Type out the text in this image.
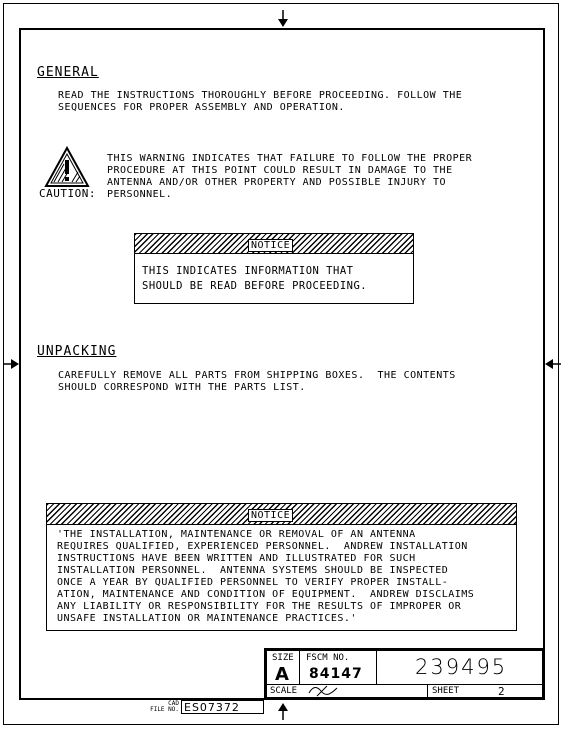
GENERAL
READ THE INSTRUCTIONS THOROUGHLY BEFORE PROCEEDING. FOLLOW THE
SEQUENCES FOR PROPER ASSEMBLY AND OPERATION.
CAUTION:
THIS WARNING INDICATES THAT FAILURE TO FOLLOW THE PROPER
PROCEDURE AT THIS POINT COULD RESULT IN DAMAGE TO THE
ANTENNA AND/OR OTHER PROPERTY AND POSSIBLE INJURY TO
PERSONNEL.
NOTICE
THIS INDICATES INFORMATION THAT
SHOULD BE READ BEFORE PROCEEDING.
UNPACKING
CAREFULLY REMOVE ALL PARTS FROM SHIPPING BOXES.  THE CONTENTS
SHOULD CORRESPOND WITH THE PARTS LIST.
NOTICE
'THE INSTALLATION, MAINTENANCE OR REMOVAL OF AN ANTENNA
REQUIRES QUALIFIED, EXPERIENCED PERSONNEL.  ANDREW INSTALLATION
INSTRUCTIONS HAVE BEEN WRITTEN AND ILLUSTRATED FOR SUCH
INSTALLATION PERSONNEL.  ANTENNA SYSTEMS SHOULD BE INSPECTED
ONCE A YEAR BY QUALIFIED PERSONNEL TO VERIFY PROPER INSTALL-
ATION, MAINTENANCE AND CONDITION OF EQUIPMENT.  ANDREW DISCLAIMS
ANY LIABILITY OR RESPONSIBILITY FOR THE RESULTS OF IMPROPER OR
UNSAFE INSTALLATION OR MAINTENANCE PRACTICES.'
SIZE
A
FSCM NO.
84147 239495
SCALE	SHEET	2
CAD
FILE NO. ES07372
